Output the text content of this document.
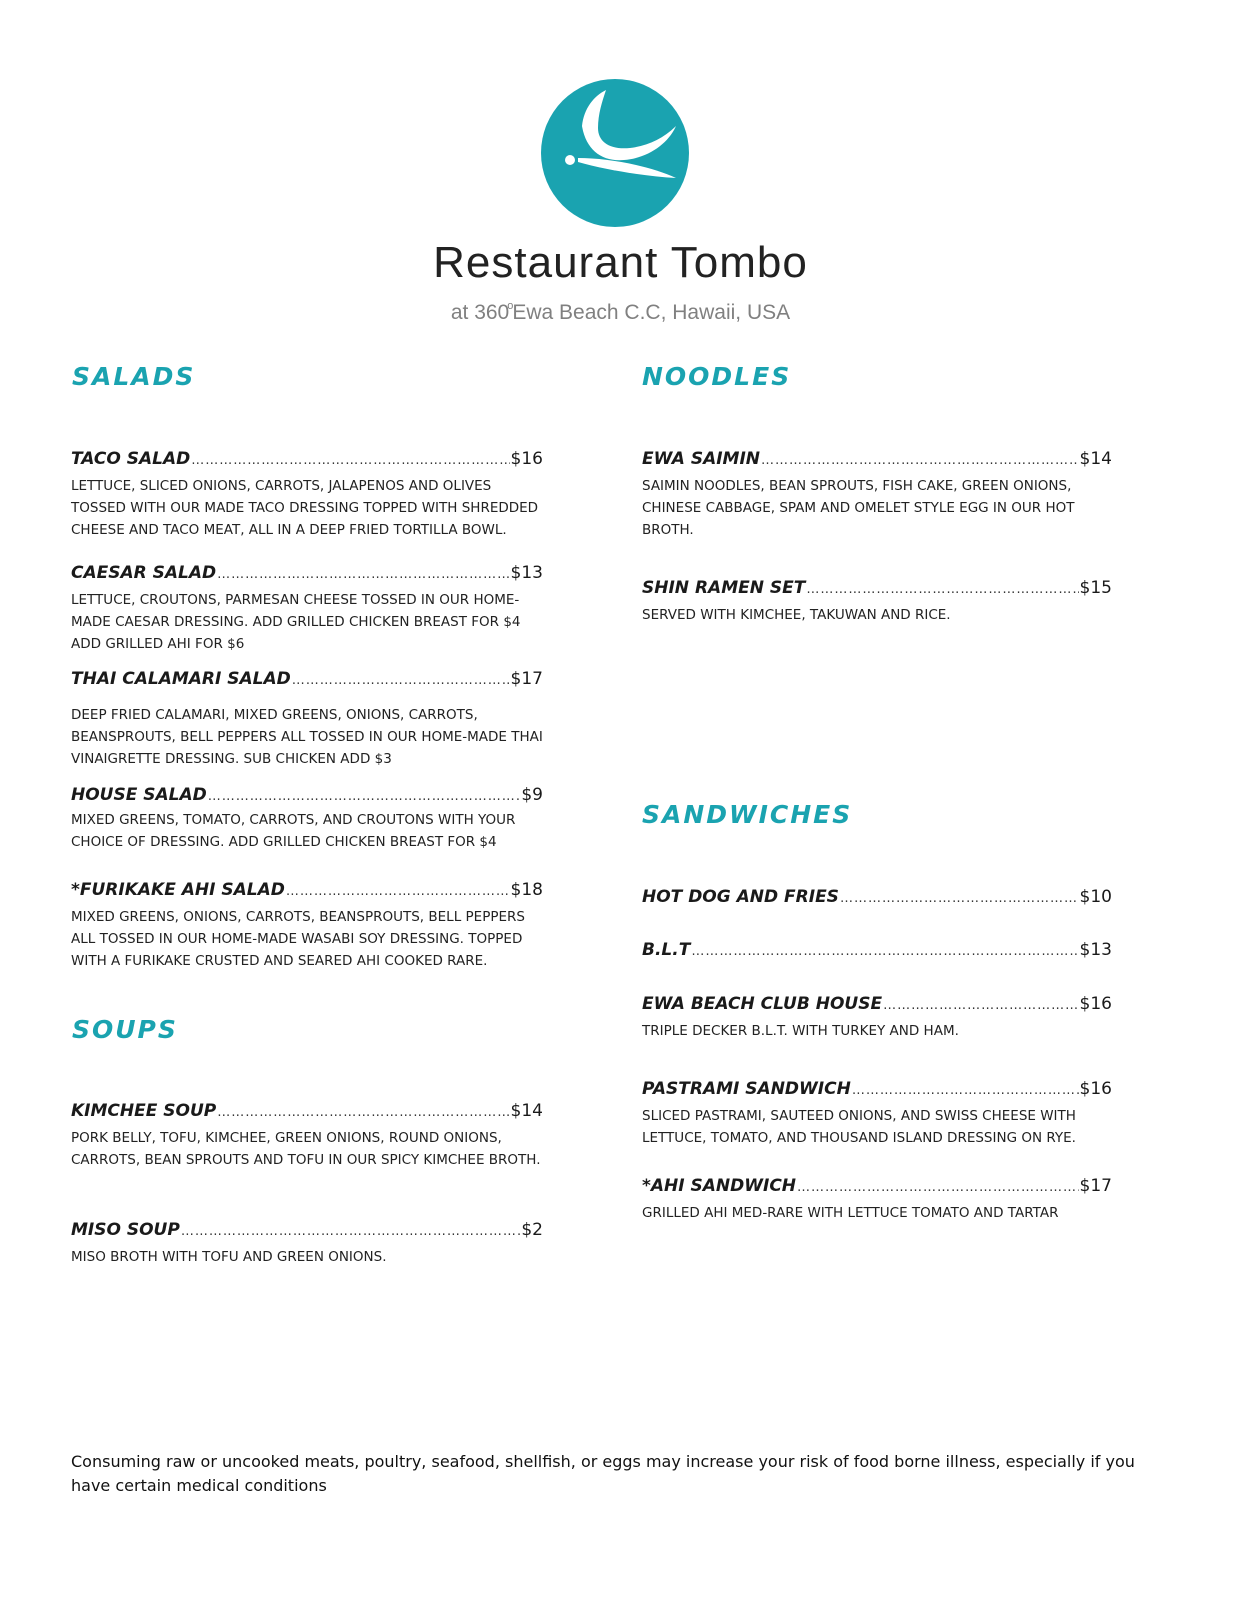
Restaurant Tombo
at 360$^o$Ewa Beach C.C, Hawaii, USA
SALADS
TACO SALAD …………………………………………………………………………………………………………………………………………………………………………	$16
LETTUCE, SLICED ONIONS, CARROTS, JALAPENOS AND OLIVES TOSSED WITH OUR MADE TACO DRESSING TOPPED WITH SHREDDED CHEESE AND TACO MEAT, ALL IN A DEEP FRIED TORTILLA BOWL.
CAESAR SALAD …………………………………………………………………………………………………………………………………………………………………………	$13
LETTUCE, CROUTONS, PARMESAN CHEESE TOSSED IN OUR HOME-MADE CAESAR DRESSING. ADD GRILLED CHICKEN BREAST FOR $4 ADD GRILLED AHI FOR $6
THAI CALAMARI SALAD …………………………………………………………………………………………………………………………………………………………………………	$17
DEEP FRIED CALAMARI, MIXED GREENS, ONIONS, CARROTS, BEANSPROUTS, BELL PEPPERS ALL TOSSED IN OUR HOME-MADE THAI VINAIGRETTE DRESSING. SUB CHICKEN ADD $3
HOUSE SALAD …………………………………………………………………………………………………………………………………………………………………………	$9
MIXED GREENS, TOMATO, CARROTS, AND CROUTONS WITH YOUR CHOICE OF DRESSING. ADD GRILLED CHICKEN BREAST FOR $4
*FURIKAKE AHI SALAD …………………………………………………………………………………………………………………………………………………………………………	$18
MIXED GREENS, ONIONS, CARROTS, BEANSPROUTS, BELL PEPPERS ALL TOSSED IN OUR HOME-MADE WASABI SOY DRESSING. TOPPED WITH A FURIKAKE CRUSTED AND SEARED AHI COOKED RARE.
SOUPS
KIMCHEE SOUP …………………………………………………………………………………………………………………………………………………………………………	$14
PORK BELLY, TOFU, KIMCHEE, GREEN ONIONS, ROUND ONIONS, CARROTS, BEAN SPROUTS AND TOFU IN OUR SPICY KIMCHEE BROTH.
MISO SOUP …………………………………………………………………………………………………………………………………………………………………………	$2
MISO BROTH WITH TOFU AND GREEN ONIONS.
NOODLES
EWA SAIMIN …………………………………………………………………………………………………………………………………………………………………………	$14
SAIMIN NOODLES, BEAN SPROUTS, FISH CAKE, GREEN ONIONS, CHINESE CABBAGE, SPAM AND OMELET STYLE EGG IN OUR HOT BROTH.
SHIN RAMEN SET …………………………………………………………………………………………………………………………………………………………………………	$15
SERVED WITH KIMCHEE, TAKUWAN AND RICE.
SANDWICHES
HOT DOG AND FRIES …………………………………………………………………………………………………………………………………………………………………………	$10
B.L.T …………………………………………………………………………………………………………………………………………………………………………	$13
EWA BEACH CLUB HOUSE …………………………………………………………………………………………………………………………………………………………………………	$16
TRIPLE DECKER B.L.T. WITH TURKEY AND HAM.
PASTRAMI SANDWICH …………………………………………………………………………………………………………………………………………………………………………	$16
SLICED PASTRAMI, SAUTEED ONIONS, AND SWISS CHEESE WITH LETTUCE, TOMATO, AND THOUSAND ISLAND DRESSING ON RYE.
*AHI SANDWICH …………………………………………………………………………………………………………………………………………………………………………	$17
GRILLED AHI MED-RARE WITH LETTUCE TOMATO AND TARTAR
Consuming raw or uncooked meats, poultry, seafood, shellfish, or eggs may increase your risk of food borne illness, especially if you have certain medical conditions
